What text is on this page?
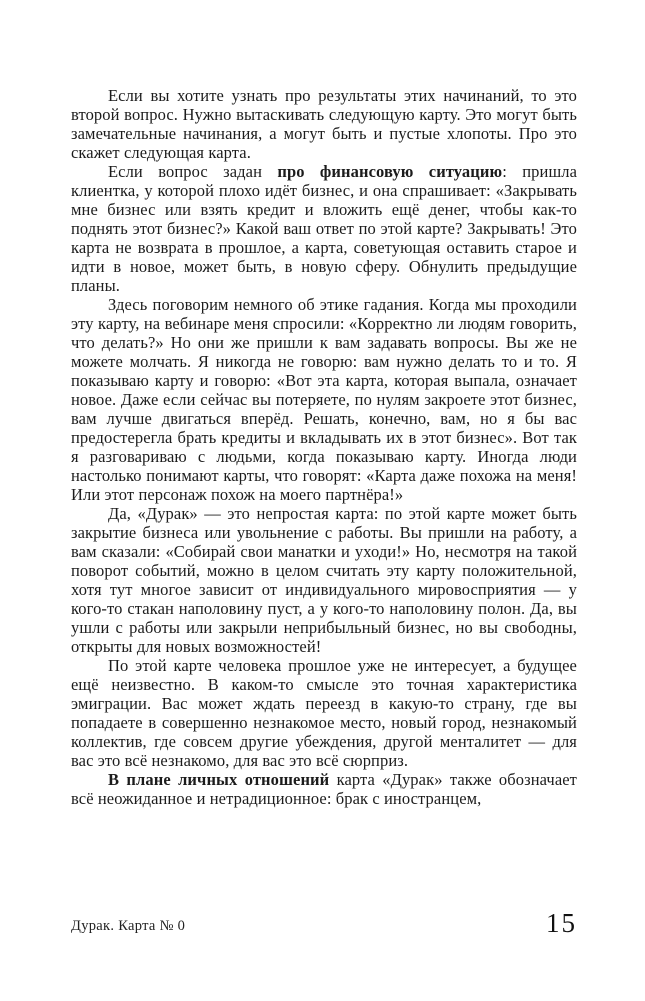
Если вы хотите узнать про результаты этих начинаний, то это второй вопрос. Нужно вытаскивать следующую карту. Это могут быть замечательные начинания, а могут быть и пустые хлопоты. Про это скажет следующая карта.

Если вопрос задан про финансовую ситуацию: пришла клиентка, у которой плохо идёт бизнес, и она спрашивает: «Закрывать мне бизнес или взять кредит и вложить ещё денег, чтобы как-то поднять этот бизнес?» Какой ваш ответ по этой карте? Закрывать! Это карта не возврата в прошлое, а карта, советующая оставить старое и идти в новое, может быть, в новую сферу. Обнулить предыдущие планы.

Здесь поговорим немного об этике гадания. Когда мы проходили эту карту, на вебинаре меня спросили: «Корректно ли людям говорить, что делать?» Но они же пришли к вам задавать вопросы. Вы же не можете молчать. Я никогда не говорю: вам нужно делать то и то. Я показываю карту и говорю: «Вот эта карта, которая выпала, означает новое. Даже если сейчас вы потеряете, по нулям закроете этот бизнес, вам лучше двигаться вперёд. Решать, конечно, вам, но я бы вас предостерегла брать кредиты и вкладывать их в этот бизнес». Вот так я разговариваю с людьми, когда показываю карту. Иногда люди настолько понимают карты, что говорят: «Карта даже похожа на меня! Или этот персонаж похож на моего партнёра!»

Да, «Дурак» — это непростая карта: по этой карте может быть закрытие бизнеса или увольнение с работы. Вы пришли на работу, а вам сказали: «Собирай свои манатки и уходи!» Но, несмотря на такой поворот событий, можно в целом считать эту карту положительной, хотя тут многое зависит от индивидуального мировосприятия — у кого-то стакан наполовину пуст, а у кого-то наполовину полон. Да, вы ушли с работы или закрыли неприбыльный бизнес, но вы свободны, открыты для новых возможностей!

По этой карте человека прошлое уже не интересует, а будущее ещё неизвестно. В каком-то смысле это точная характеристика эмиграции. Вас может ждать переезд в какую-то страну, где вы попадаете в совершенно незнакомое место, новый город, незнакомый коллектив, где совсем другие убеждения, другой менталитет — для вас это всё незнакомо, для вас это всё сюрприз.

В плане личных отношений карта «Дурак» также обозначает всё неожиданное и нетрадиционное: брак с иностранцем,

Дурак. Карта № 0	15
